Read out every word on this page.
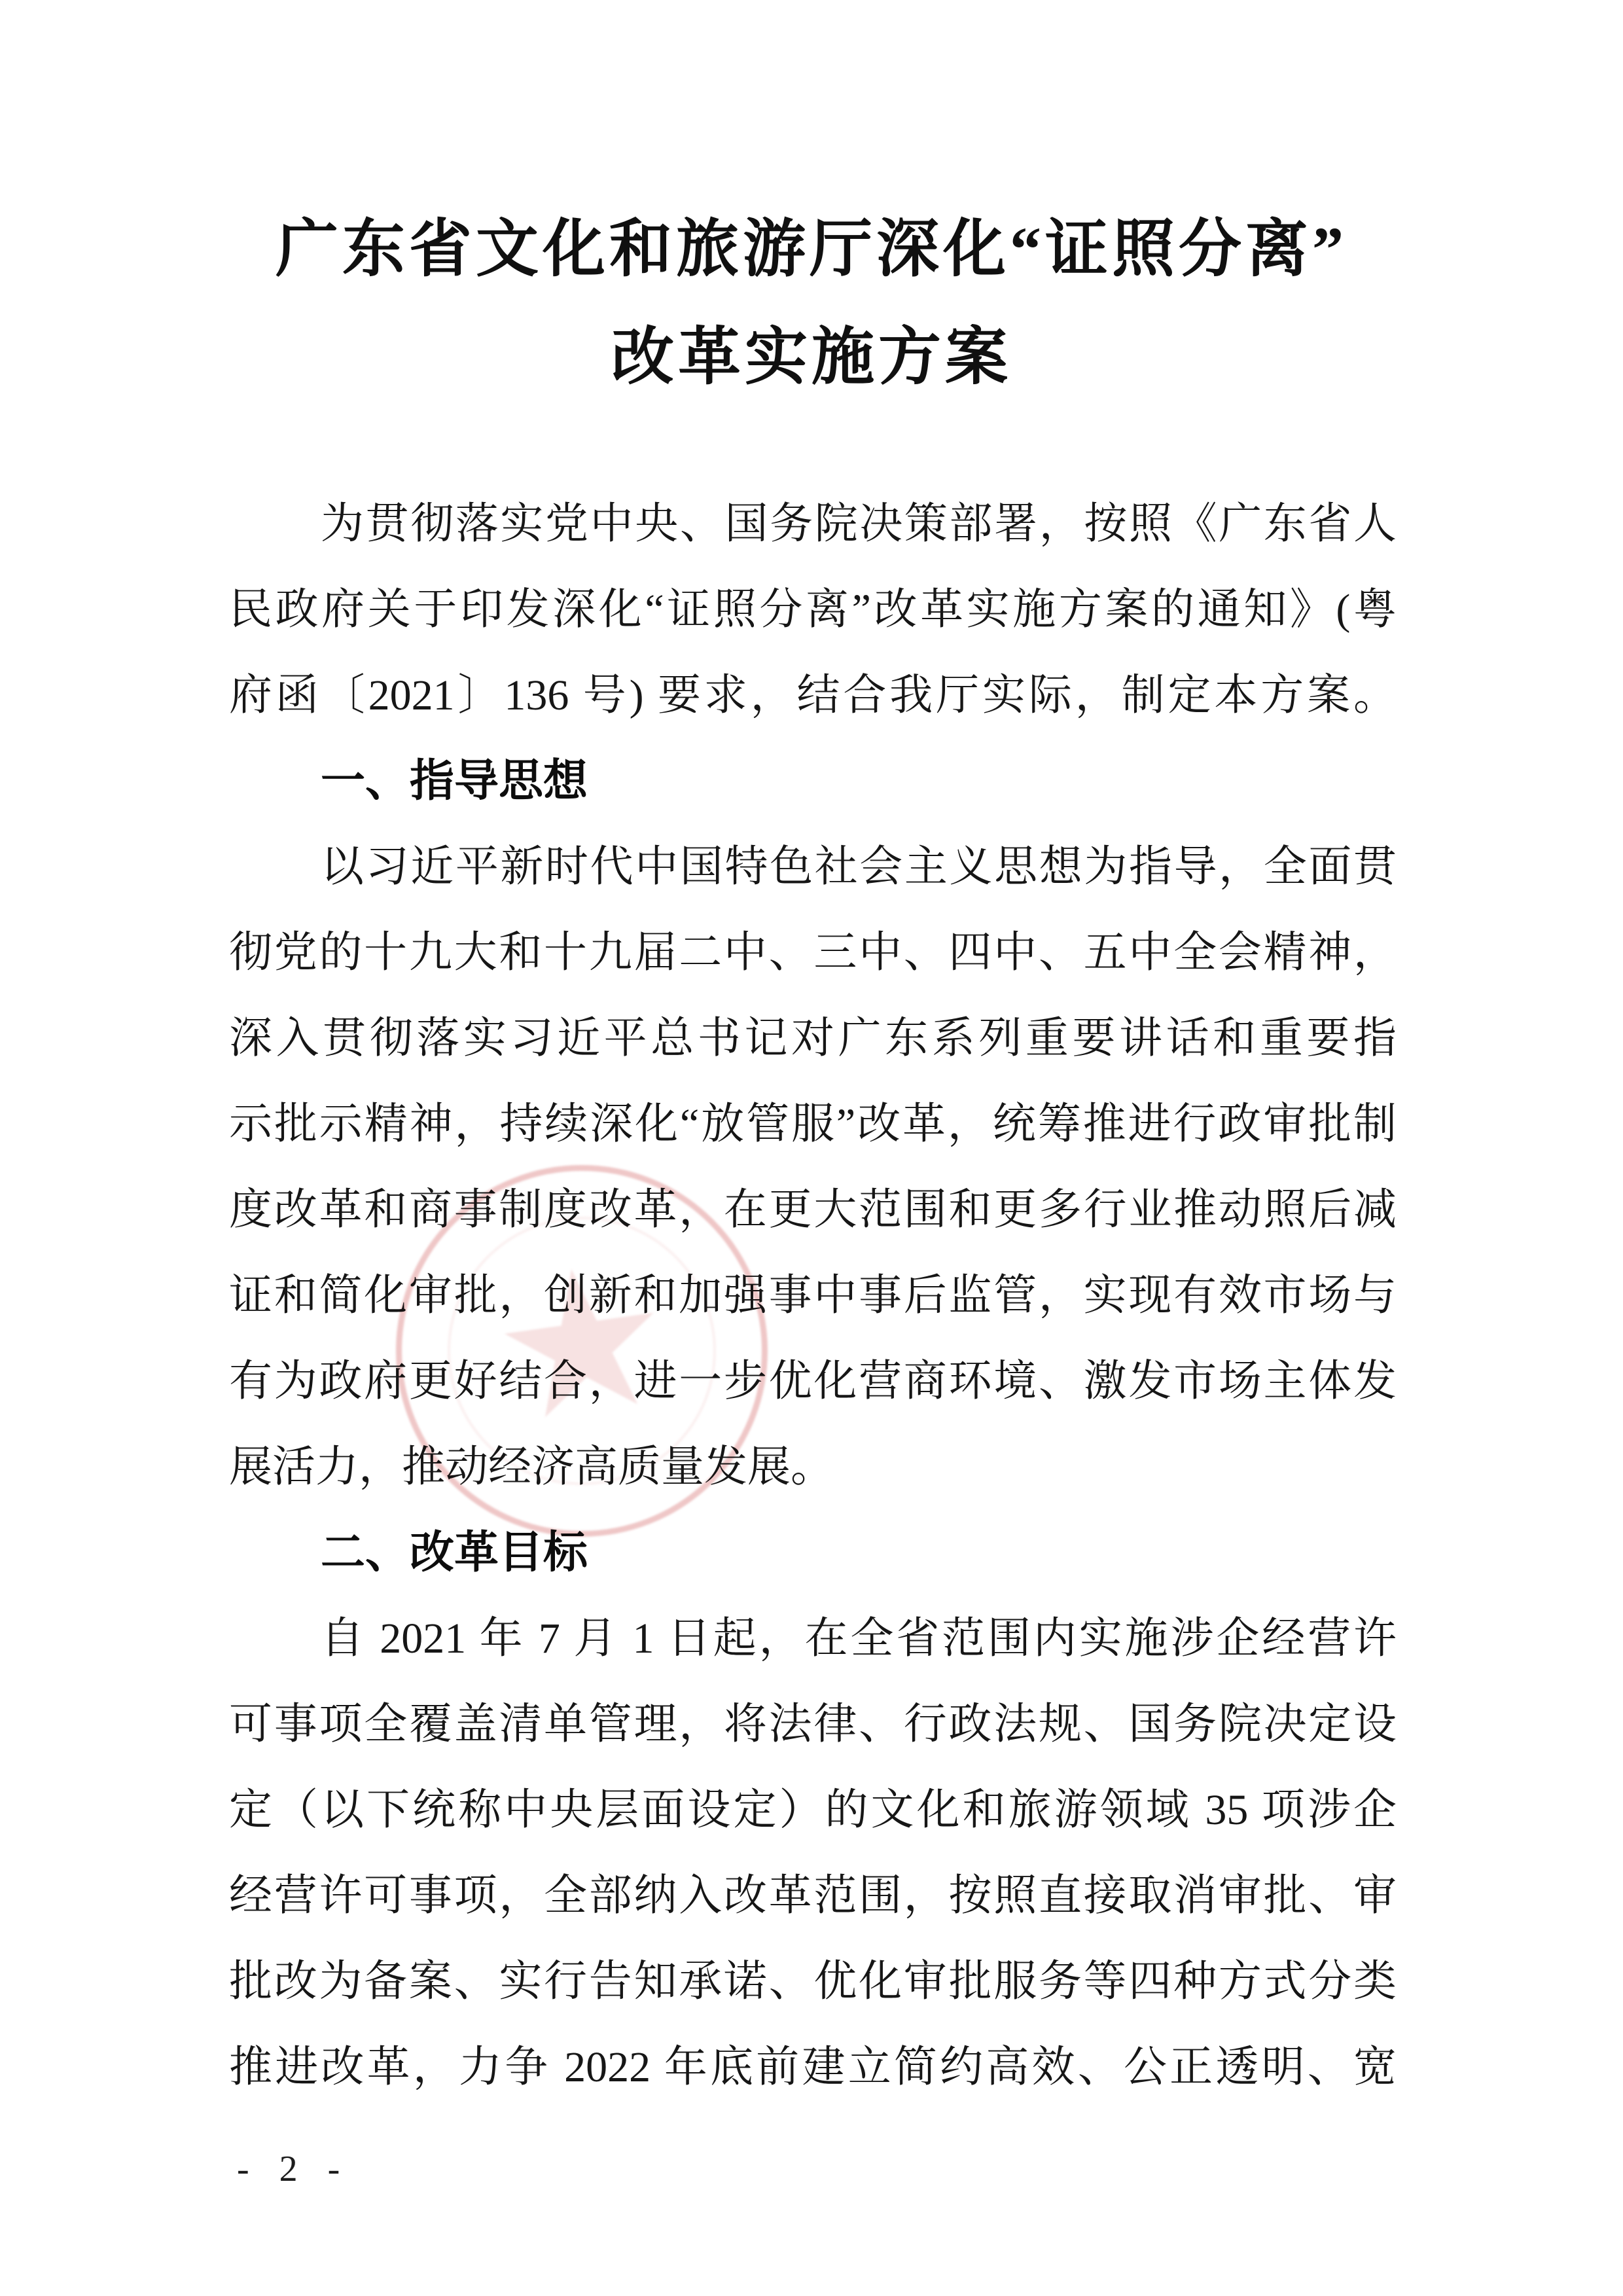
广东省文化和旅游厅深化“证照分离”
改革实施方案
为贯彻落实党中央、国务院决策部署，按照《广东省人
民政府关于印发深化“证照分离”改革实施方案的通知》(粤
府函〔2021〕136 号) 要求，结合我厅实际，制定本方案。
一、指导思想
以习近平新时代中国特色社会主义思想为指导，全面贯
彻党的十九大和十九届二中、三中、四中、五中全会精神，
深入贯彻落实习近平总书记对广东系列重要讲话和重要指
示批示精神，持续深化“放管服”改革，统筹推进行政审批制
度改革和商事制度改革，在更大范围和更多行业推动照后减
证和简化审批，创新和加强事中事后监管，实现有效市场与
有为政府更好结合，进一步优化营商环境、激发市场主体发
展活力，推动经济高质量发展。
二、改革目标
自 2021 年 7 月 1 日起，在全省范围内实施涉企经营许
可事项全覆盖清单管理，将法律、行政法规、国务院决定设
定（以下统称中央层面设定）的文化和旅游领域 35 项涉企
经营许可事项，全部纳入改革范围，按照直接取消审批、审
批改为备案、实行告知承诺、优化审批服务等四种方式分类
推进改革，力争 2022 年底前建立简约高效、公正透明、宽
★
- 2 -
